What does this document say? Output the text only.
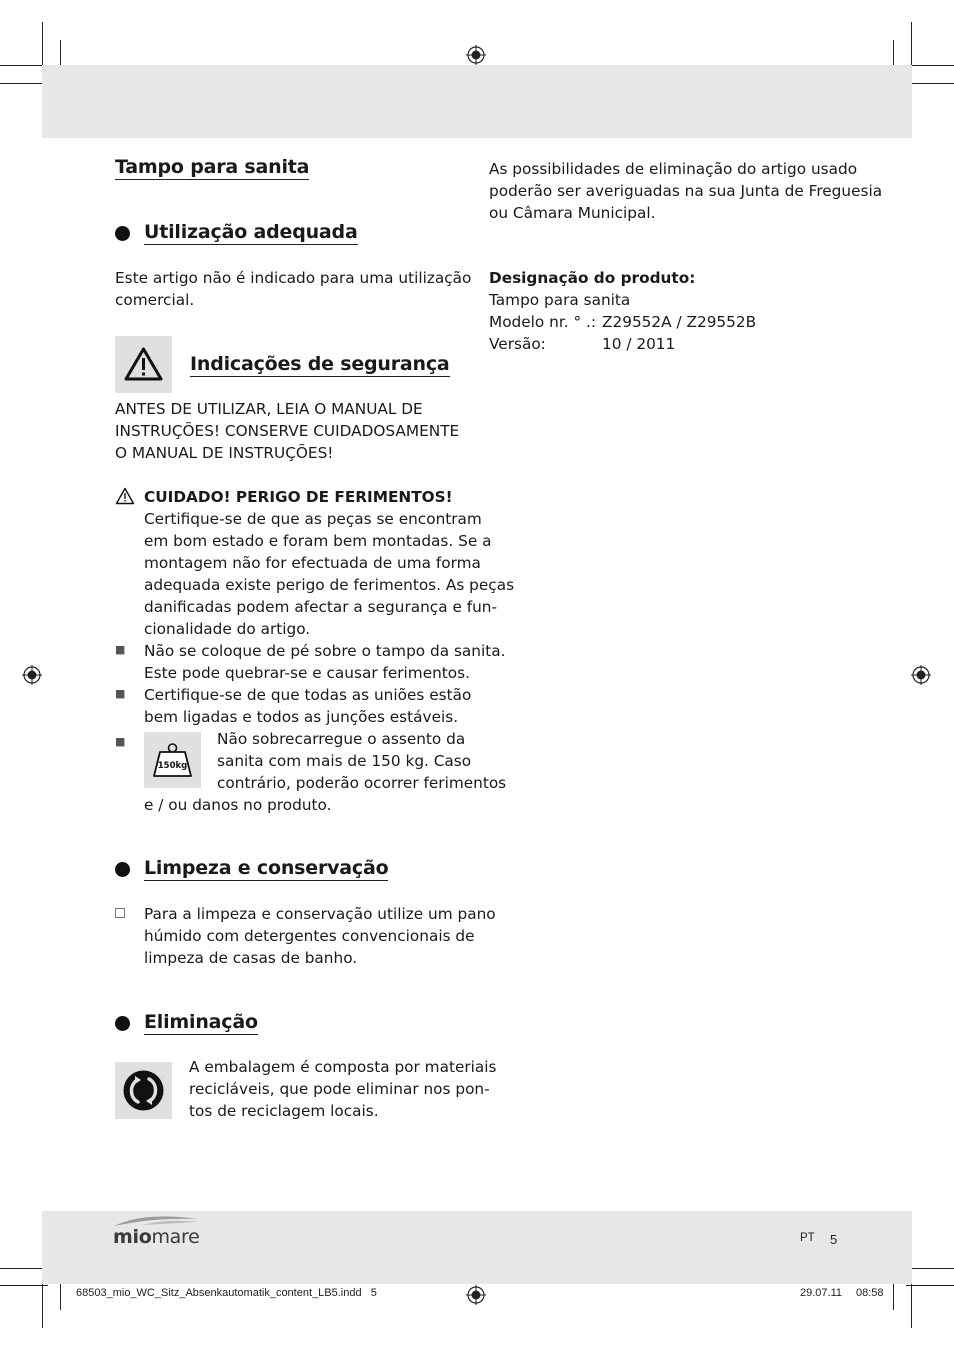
Tampo para sanita
Utilização adequada
Este artigo não é indicado para uma utilização
comercial.
Indicações de segurança
ANTES DE UTILIZAR, LEIA O MANUAL DE
INSTRUÇÕES! CONSERVE CUIDADOSAMENTE
O MANUAL DE INSTRUÇÕES!
CUIDADO! PERIGO DE FERIMENTOS!
Certifique-se de que as peças se encontram
em bom estado e foram bem montadas. Se a
montagem não for efectuada de uma forma
adequada existe perigo de ferimentos. As peças
danificadas podem afectar a segurança e fun-
cionalidade do artigo.
■ Não se coloque de pé sobre o tampo da sanita.
Este pode quebrar-se e causar ferimentos.
■ Certifique-se de que todas as uniões estão
bem ligadas e todos as junções estáveis.
■
150kg
Não sobrecarregue o assento da
sanita com mais de 150 kg. Caso
contrário, poderão ocorrer ferimentos
e / ou danos no produto.
Limpeza e conservação
Para a limpeza e conservação utilize um pano
húmido com detergentes convencionais de
limpeza de casas de banho.
Eliminação
A embalagem é composta por materiais
recicláveis, que pode eliminar nos pon-
tos de reciclagem locais.
As possibilidades de eliminação do artigo usado
poderão ser averiguadas na sua Junta de Freguesia
ou Câmara Municipal.
Designação do produto:
Tampo para sanita
Modelo nr. ° .: Z29552A / Z29552B
Versão:	10 / 2011
miomare	PT 5
68503_mio_WC_Sitz_Absenkautomatik_content_LB5.indd   5	29.07.11 08:58
